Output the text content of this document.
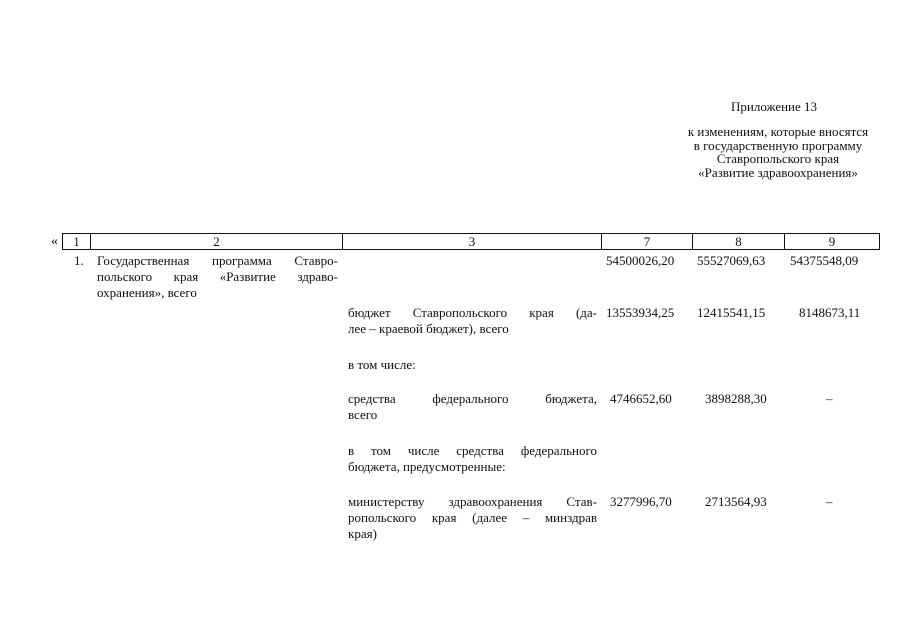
Приложение 13
к изменениям, которые вносятся
в государственную программу
Ставропольского края
«Развитие здравоохранения»
«	1	2	3	7	8	9
1. Государственная программа Ставро-
польского края «Развитие здраво-
охранения», всего
54500026,20 55527069,63 54375548,09
бюджет Ставропольского края (да-
лее – краевой бюджет), всего
13553934,25 12415541,15	8148673,11
в том числе:
средства федерального бюджета,
всего
4746652,60	3898288,30	–
в том числе средства федерального
бюджета, предусмотренные:
министерству здравоохранения Став-
ропольского края (далее – минздрав
края)
3277996,70	2713564,93	–
